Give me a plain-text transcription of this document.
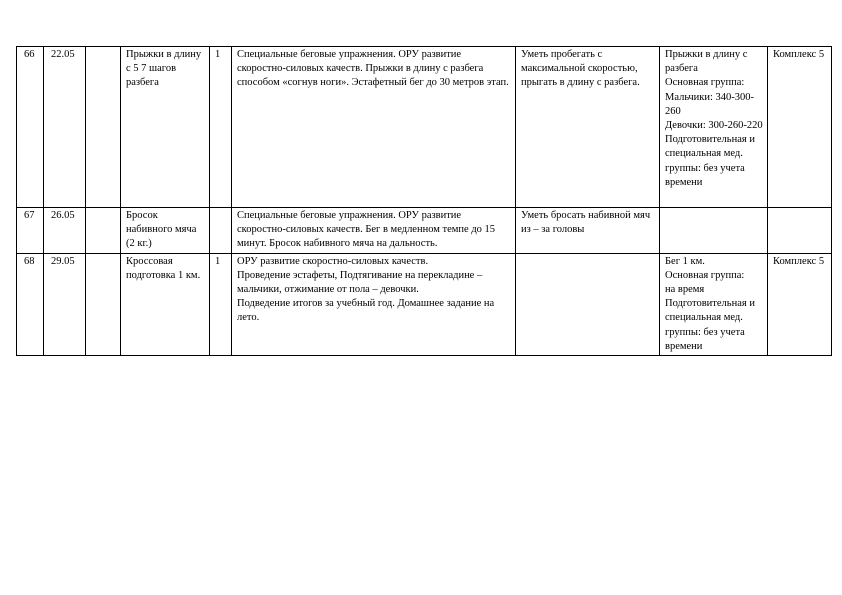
66	22.05		Прыжки в длину с 5 7 шагов разбега	1	Специальные беговые упражнения. ОРУ развитие скоростно-силовых качеств. Прыжки в длину с разбега способом «согнув ноги». Эстафетный бег до 30 метров этап.	Уметь пробегать с максимальной скоростью, прыгать в длину с разбега.	Прыжки в длину с разбега
Основная группа:
Мальчики: 340-300-260
Девочки: 300-260-220
Подготовительная и специальная мед. группы: без учета времени	Комплекс 5
67	26.05		Бросок набивного мяча (2 кг.)		Специальные беговые упражнения. ОРУ развитие скоростно-силовых качеств. Бег в медленном темпе до 15 минут. Бросок набивного мяча на дальность.	Уметь бросать набивной мяч из – за головы		
68	29.05		Кроссовая подготовка 1 км.	1	ОРУ развитие скоростно-силовых качеств.
Проведение эстафеты, Подтягивание на перекладине –мальчики, отжимание от пола – девочки.
Подведение итогов за учебный год. Домашнее задание на лето.		Бег 1 км.
Основная группа:
на время
Подготовительная и специальная мед. группы: без учета времени	Комплекс 5
